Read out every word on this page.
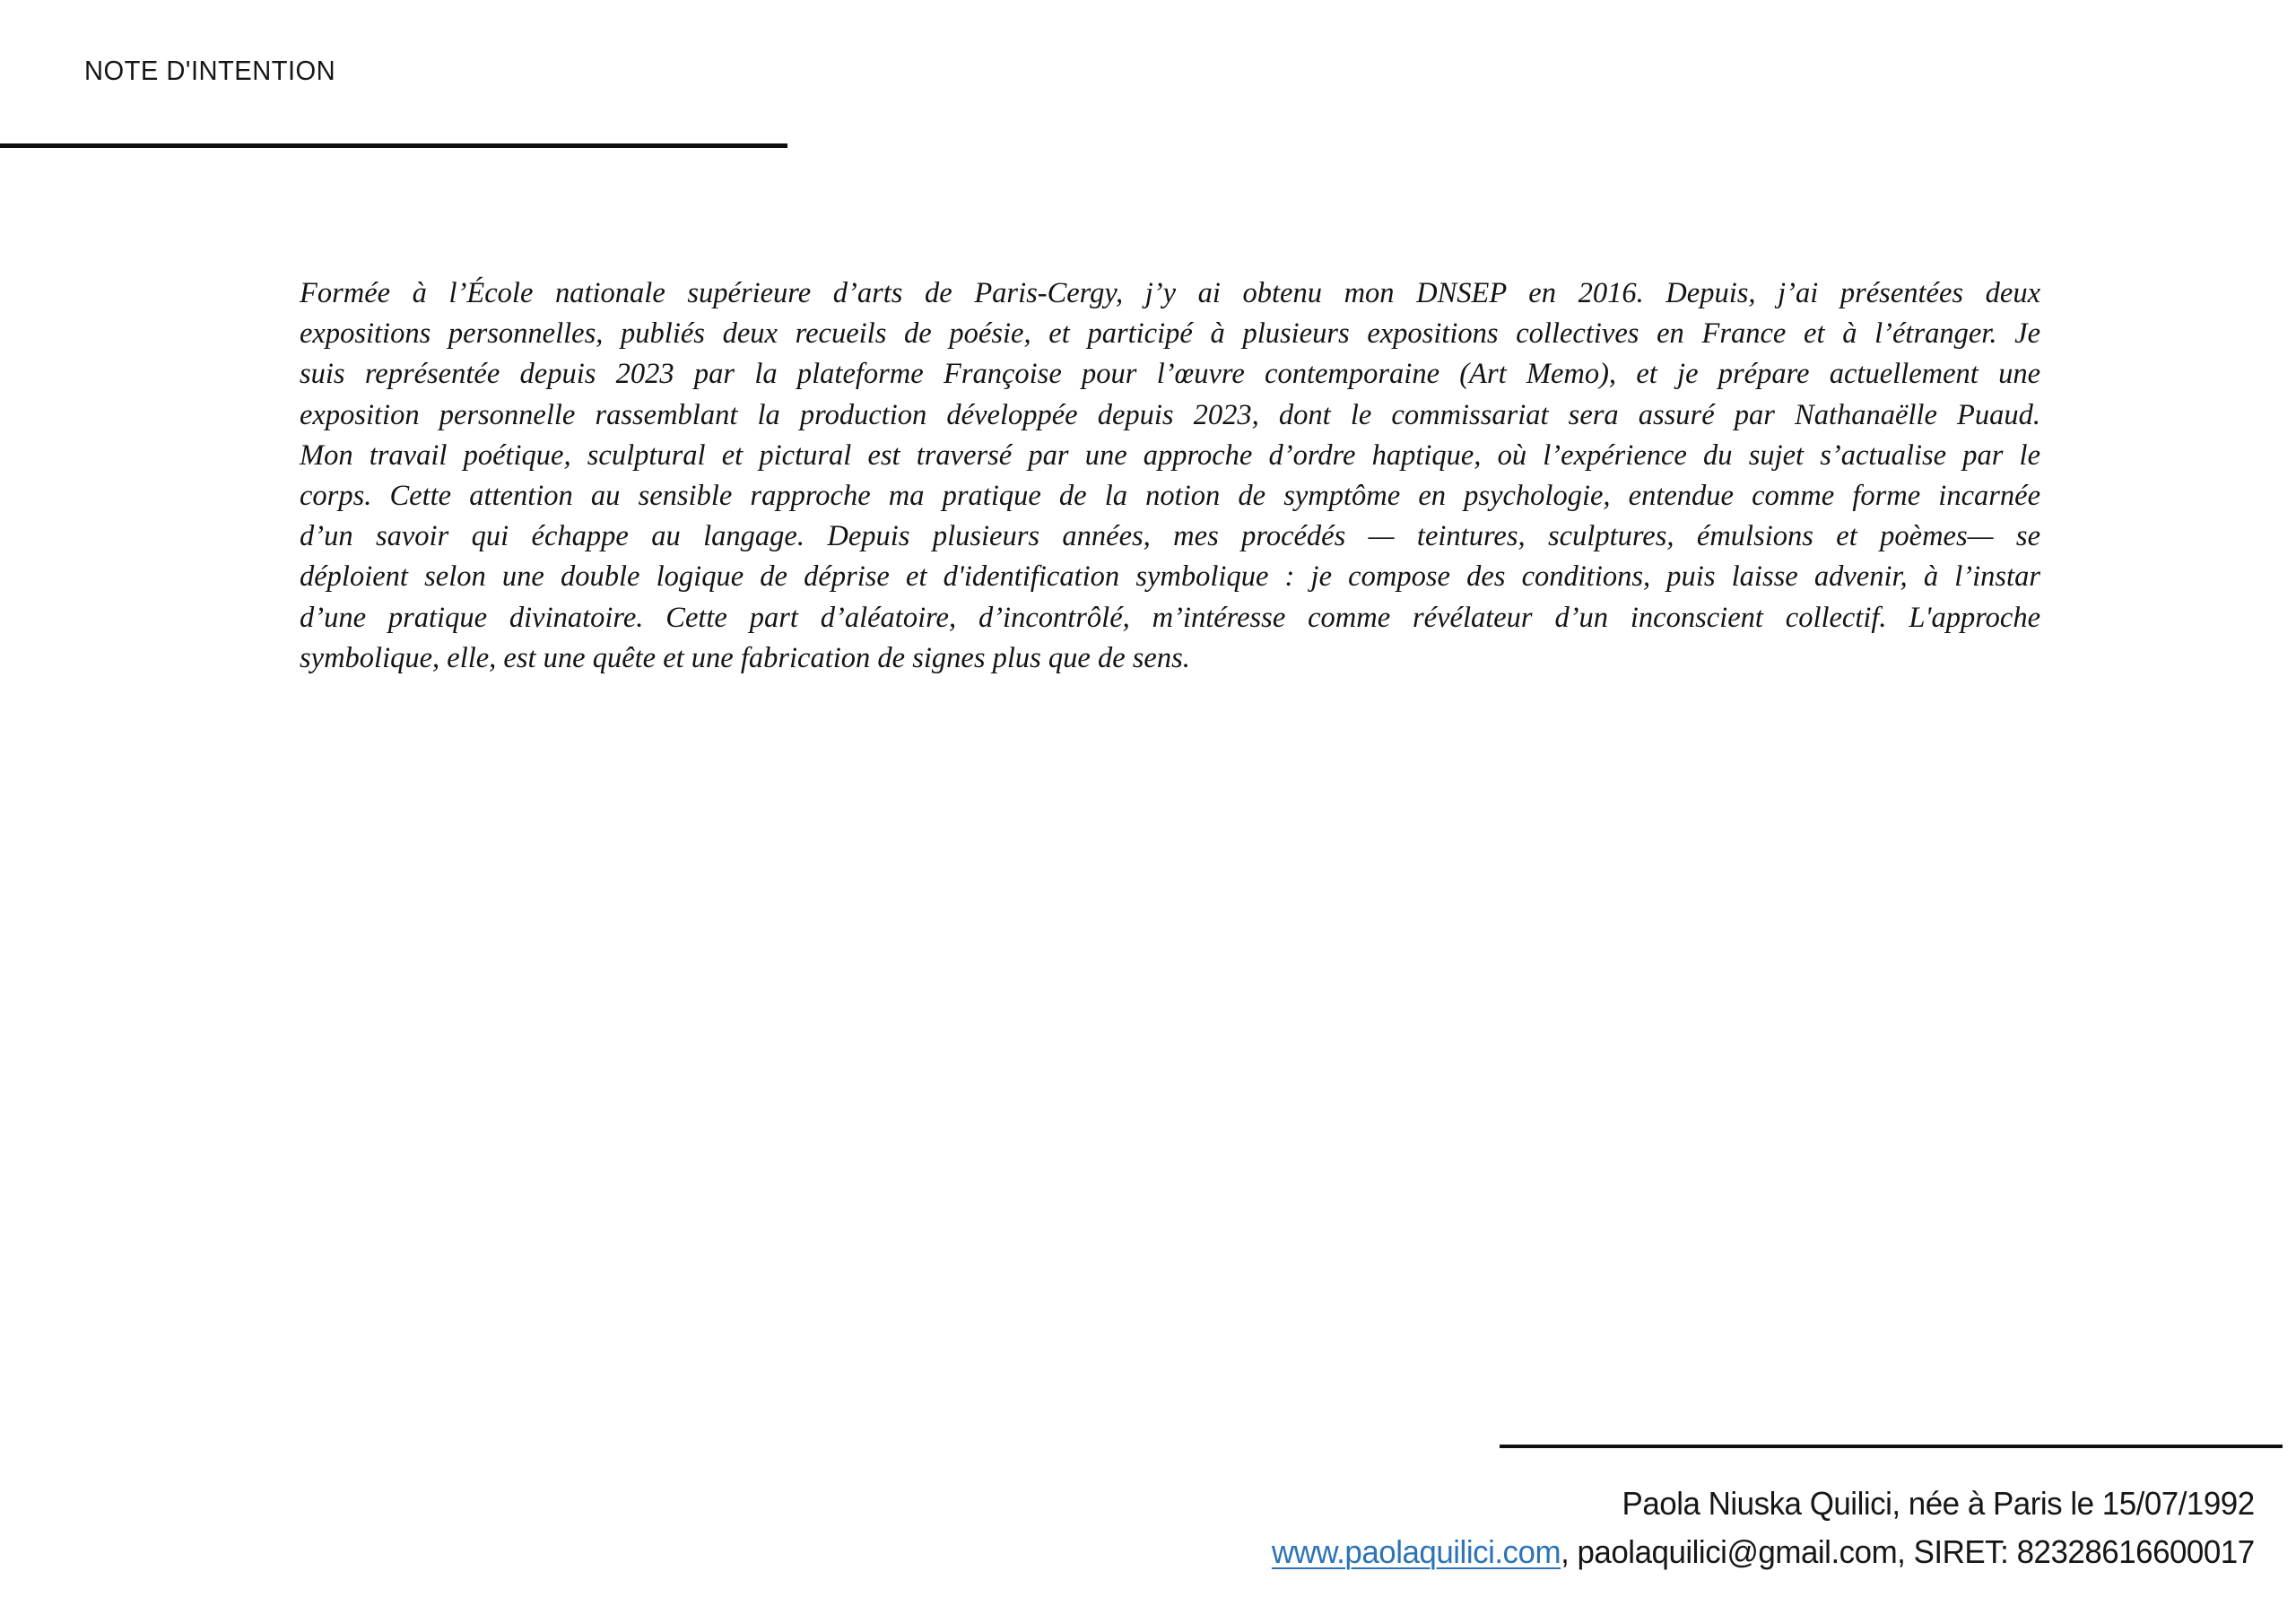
NOTE D'INTENTION
Formée à l’École nationale supérieure d’arts de Paris-Cergy, j’y ai obtenu mon DNSEP en 2016. Depuis, j’ai présentées deux
expositions personnelles, publiés deux recueils de poésie, et participé à plusieurs expositions collectives en France et à l’étranger. Je
suis représentée depuis 2023 par la plateforme Françoise pour l’œuvre contemporaine (Art Memo), et je prépare actuellement une
exposition personnelle rassemblant la production développée depuis 2023, dont le commissariat sera assuré par Nathanaëlle Puaud.
Mon travail poétique, sculptural et pictural est traversé par une approche d’ordre haptique, où l’expérience du sujet s’actualise par le
corps. Cette attention au sensible rapproche ma pratique de la notion de symptôme en psychologie, entendue comme forme incarnée
d’un savoir qui échappe au langage. Depuis plusieurs années, mes procédés — teintures, sculptures, émulsions et poèmes— se
déploient selon une double logique de déprise et d'identification symbolique : je compose des conditions, puis laisse advenir, à l’instar
d’une pratique divinatoire. Cette part d’aléatoire, d’incontrôlé, m’intéresse comme révélateur d’un inconscient collectif. L'approche
symbolique, elle, est une quête et une fabrication de signes plus que de sens.
Paola Niuska Quilici, née à Paris le 15/07/1992
www.paolaquilici.com, paolaquilici@gmail.com, SIRET: 82328616600017
